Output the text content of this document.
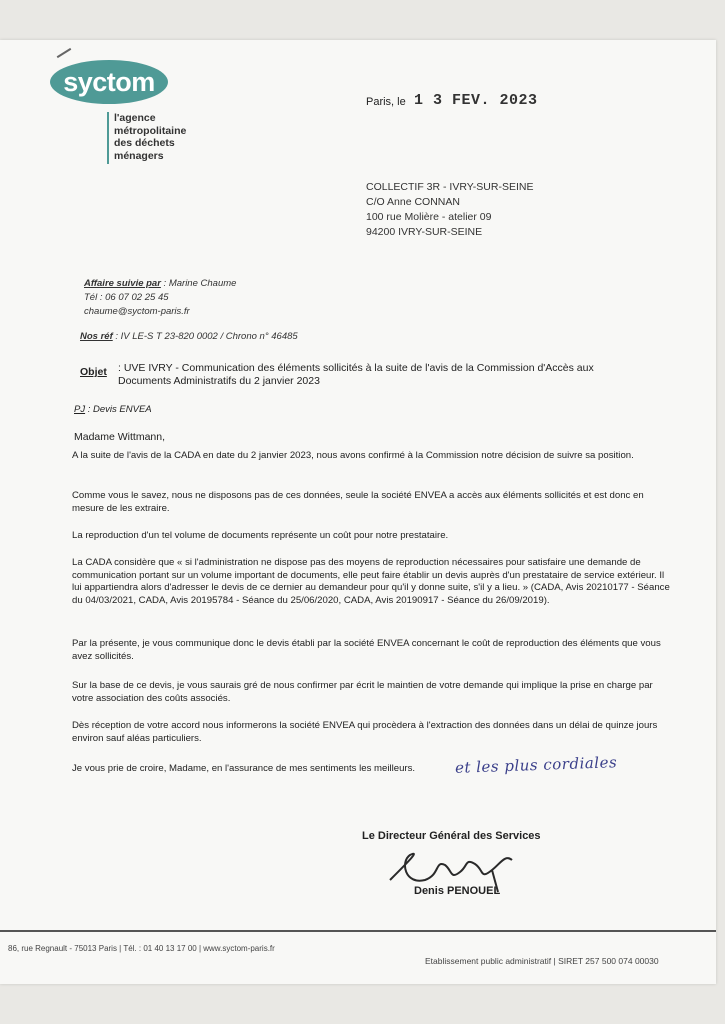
syctom
l'agence
métropolitaine
des déchets
ménagers
Paris, le 1 3 FEV. 2023
COLLECTIF 3R - IVRY-SUR-SEINE
C/O Anne CONNAN
100 rue Molière - atelier 09
94200 IVRY-SUR-SEINE
Affaire suivie par : Marine Chaume
Tél : 06 07 02 25 45
chaume@syctom-paris.fr
Nos réf : IV LE-S T 23-820 0002 / Chrono n° 46485
Objet : UVE IVRY - Communication des éléments sollicités à la suite de l'avis de la Commission d'Accès aux Documents Administratifs du 2 janvier 2023
PJ : Devis ENVEA
Madame Wittmann,
A la suite de l'avis de la CADA en date du 2 janvier 2023, nous avons confirmé à la Commission notre décision de suivre sa position.
Comme vous le savez, nous ne disposons pas de ces données, seule la société ENVEA a accès aux éléments sollicités et est donc en mesure de les extraire.
La reproduction d'un tel volume de documents représente un coût pour notre prestataire.
La CADA considère que « si l'administration ne dispose pas des moyens de reproduction nécessaires pour satisfaire une demande de communication portant sur un volume important de documents, elle peut faire établir un devis auprès d'un prestataire de service extérieur. Il lui appartiendra alors d'adresser le devis de ce dernier au demandeur pour qu'il y donne suite, s'il y a lieu. » (CADA, Avis 20210177 - Séance du 04/03/2021, CADA, Avis 20195784 - Séance du 25/06/2020, CADA, Avis 20190917 - Séance du 26/09/2019).
Par la présente, je vous communique donc le devis établi par la société ENVEA concernant le coût de reproduction des éléments que vous avez sollicités.
Sur la base de ce devis, je vous saurais gré de nous confirmer par écrit le maintien de votre demande qui implique la prise en charge par votre association des coûts associés.
Dès réception de votre accord nous informerons la société ENVEA qui procèdera à l'extraction des données dans un délai de quinze jours environ sauf aléas particuliers.
Je vous prie de croire, Madame, en l'assurance de mes sentiments les meilleurs.	et les plus cordiales
Le Directeur Général des Services
Denis PENOUEL
86, rue Regnault - 75013 Paris | Tél. : 01 40 13 17 00 | www.syctom-paris.fr
Etablissement public administratif | SIRET 257 500 074 00030
